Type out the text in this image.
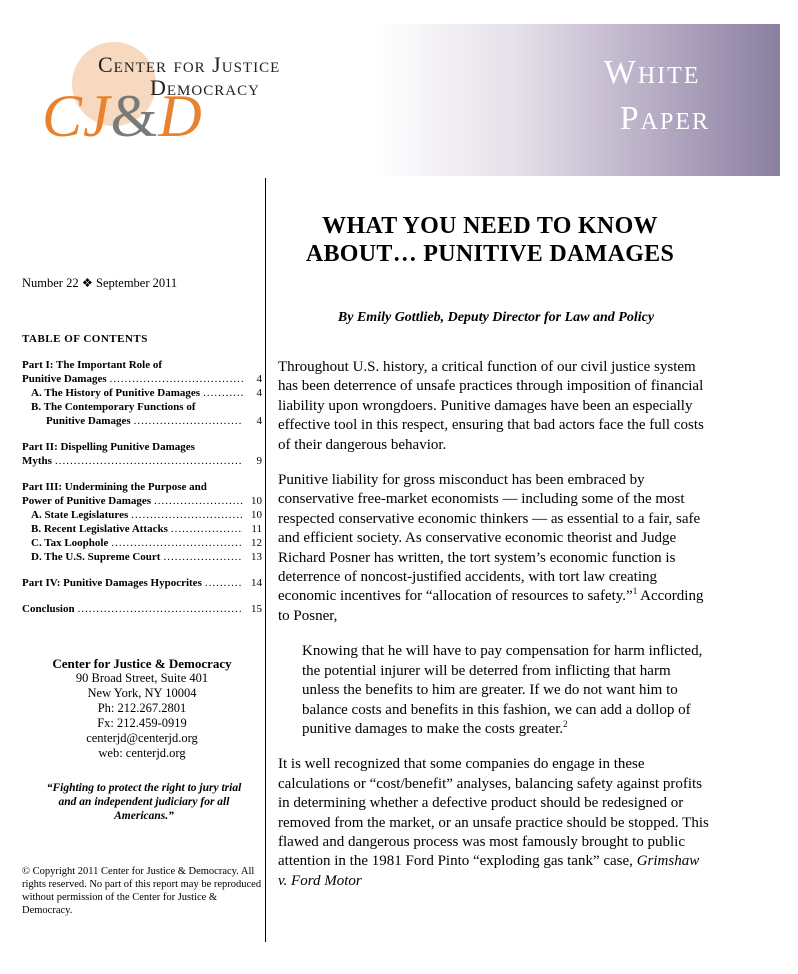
Center for Justice
Democracy
CJ&D
White
Paper
Number 22 ❖ September 2011
TABLE OF CONTENTS
Part I: The Important Role of
Punitive Damages .....	4
A. The History of Punitive Damages .....	4
B. The Contemporary Functions of
Punitive Damages .....	4
Part II: Dispelling Punitive Damages
Myths .....	9
Part III: Undermining the Purpose and
Power of Punitive Damages .....	10
A. State Legislatures .....	10
B. Recent Legislative Attacks .....	11
C. Tax Loophole .....	12
D. The U.S. Supreme Court .....	13
Part IV: Punitive Damages Hypocrites .....	14
Conclusion .....	15
Center for Justice & Democracy
90 Broad Street, Suite 401
New York, NY 10004
Ph: 212.267.2801
Fx: 212.459-0919
centerjd@centerjd.org
web: centerjd.org
“Fighting to protect the right to jury trial
and an independent judiciary for all
Americans.”
© Copyright 2011 Center for Justice & Democracy. All rights reserved. No part of this report may be reproduced without permission of the Center for Justice & Democracy.
WHAT YOU NEED TO KNOW
ABOUT… PUNITIVE DAMAGES
By Emily Gottlieb, Deputy Director for Law and Policy

Throughout U.S. history, a critical function of our civil justice system has been deterrence of unsafe practices through imposition of financial liability upon wrongdoers. Punitive damages have been an especially effective tool in this respect, ensuring that bad actors face the full costs of their dangerous behavior.

Punitive liability for gross misconduct has been embraced by conservative free-market economists — including some of the most respected conservative economic thinkers — as essential to a fair, safe and efficient society. As conservative economic theorist and Judge Richard Posner has written, the tort system’s economic function is deterrence of noncost-justified accidents, with tort law creating economic incentives for “allocation of resources to safety.”$^1$ According to Posner,

Knowing that he will have to pay compensation for harm inflicted, the potential injurer will be deterred from inflicting that harm unless the benefits to him are greater. If we do not want him to balance costs and benefits in this fashion, we can add a dollop of punitive damages to make the costs greater.$^2$

It is well recognized that some companies do engage in these calculations or “cost/benefit” analyses, balancing safety against profits in determining whether a defective product should be redesigned or removed from the market, or an unsafe practice should be stopped. This flawed and dangerous process was most famously brought to public attention in the 1981 Ford Pinto “exploding gas tank” case, Grimshaw v. Ford Motor
